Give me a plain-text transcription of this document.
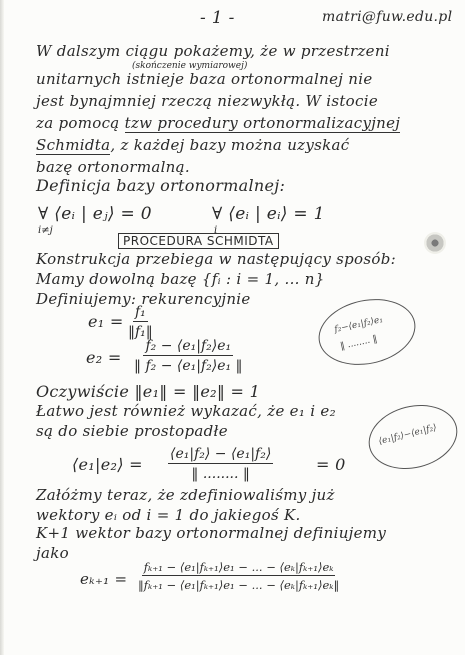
- 1 -	matri@fuw.edu.pl
W dalszym ciągu pokażemy, że w przestrzeni
(skończenie wymiarowej)
unitarnych istnieje baza ortonormalnej nie
jest bynajmniej rzeczą niezwykłą. W istocie
za pomocą tzw procedury ortonormalizacyjnej
Schmidta, z każdej bazy można uzyskać
bazę ortonormalną.
Definicja bazy ortonormalnej:
∀ ⟨eᵢ | eⱼ⟩ = 0
i≠j
∀ ⟨eᵢ | eᵢ⟩ = 1
i
PROCEDURA SCHMIDTA
Konstrukcja przebiega w następujący sposób:
Mamy dowolną bazę {fᵢ : i = 1, ... n}
Definiujemy: rekurencyjnie
$e_1 = \frac{\text{f₁}}{\text{‖f₁‖}}$
$e_2 = \frac{\text{f₂ − ⟨e₁|f₂⟩e₁}}{\text{‖ f₂ − ⟨e₁|f₂⟩e₁ ‖}}$
f₂−⟨e₁|f₂⟩e₁
‖ ........ ‖
Oczywiście ‖e₁‖ = ‖e₂‖ = 1
Łatwo jest również wykazać, że e₁ i e₂
są do siebie prostopadłe
⟨e₁|e₂⟩ =
⟨e₁|f₂⟩ − ⟨e₁|f₂⟩
‖ ........ ‖	= 0
⟨e₁|f₂⟩−⟨e₁|f₂⟩
Załóżmy teraz, że zdefiniowaliśmy już
wektory eᵢ od i = 1 do jakiegoś K.
K+1 wektor bazy ortonormalnej definiujemy
jako
$e_{k+1} = \frac{\text{fₖ₊₁ − ⟨e₁|fₖ₊₁⟩e₁ − ... − ⟨eₖ|fₖ₊₁⟩eₖ}}{\text{‖fₖ₊₁ − ⟨e₁|fₖ₊₁⟩e₁ − ... − ⟨eₖ|fₖ₊₁⟩eₖ‖}}$
